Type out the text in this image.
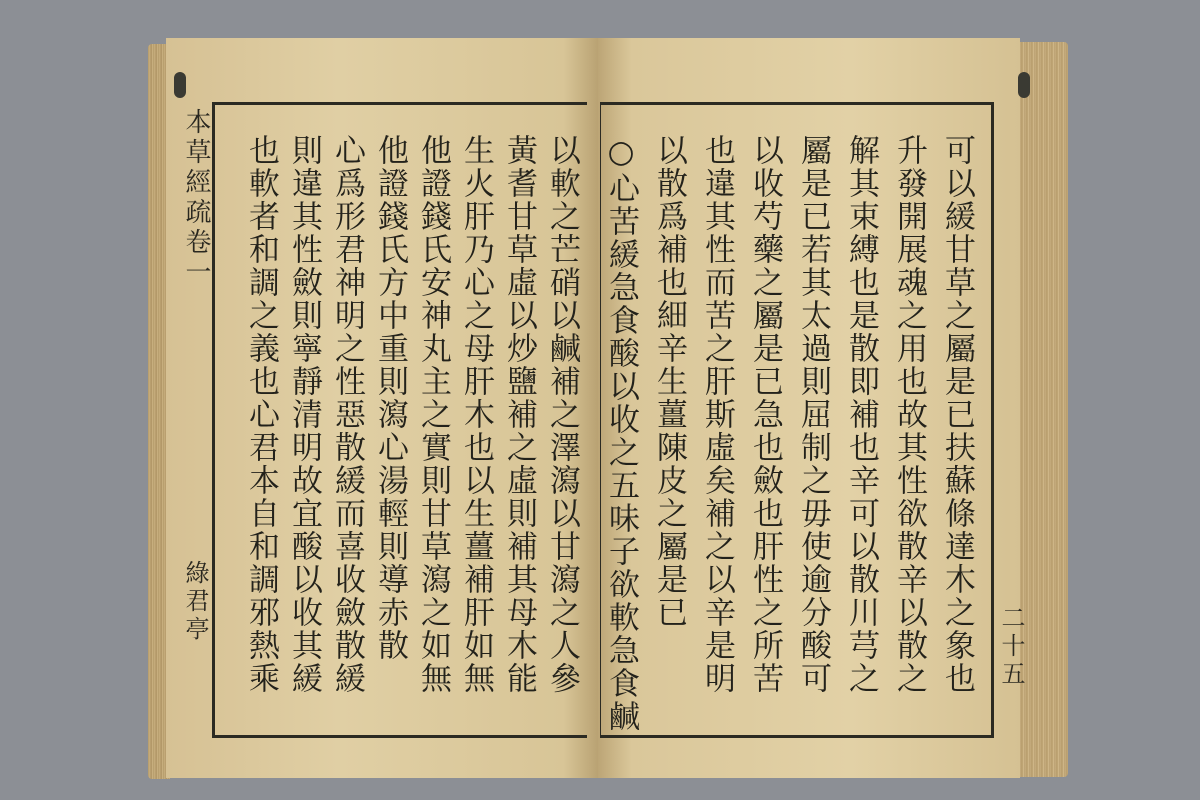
本草經疏卷一
綠君亭
二十五
以軟之芒硝以鹹補之澤瀉以甘瀉之人參
黃耆甘草虛以炒鹽補之虛則補其母木能
生火肝乃心之母肝木也以生薑補肝如無
他證錢氏安神丸主之實則甘草瀉之如無
他證錢氏方中重則瀉心湯輕則導赤散
心爲形君神明之性惡散緩而喜收斂散緩
則違其性斂則寧靜清明故宜酸以收其緩
也軟者和調之義也心君本自和調邪熱乘	○心苦緩急食酸以收之五味子欲軟急食鹹 以散爲補也細辛生薑陳皮之屬是已 也違其性而苦之肝斯虛矣補之以辛是明 以收芍藥之屬是已急也斂也肝性之所苦 屬是已若其太過則屈制之毋使逾分酸可 解其束縛也是散即補也辛可以散川芎之 升發開展魂之用也故其性欲散辛以散之 可以緩甘草之屬是已扶蘇條達木之象也
